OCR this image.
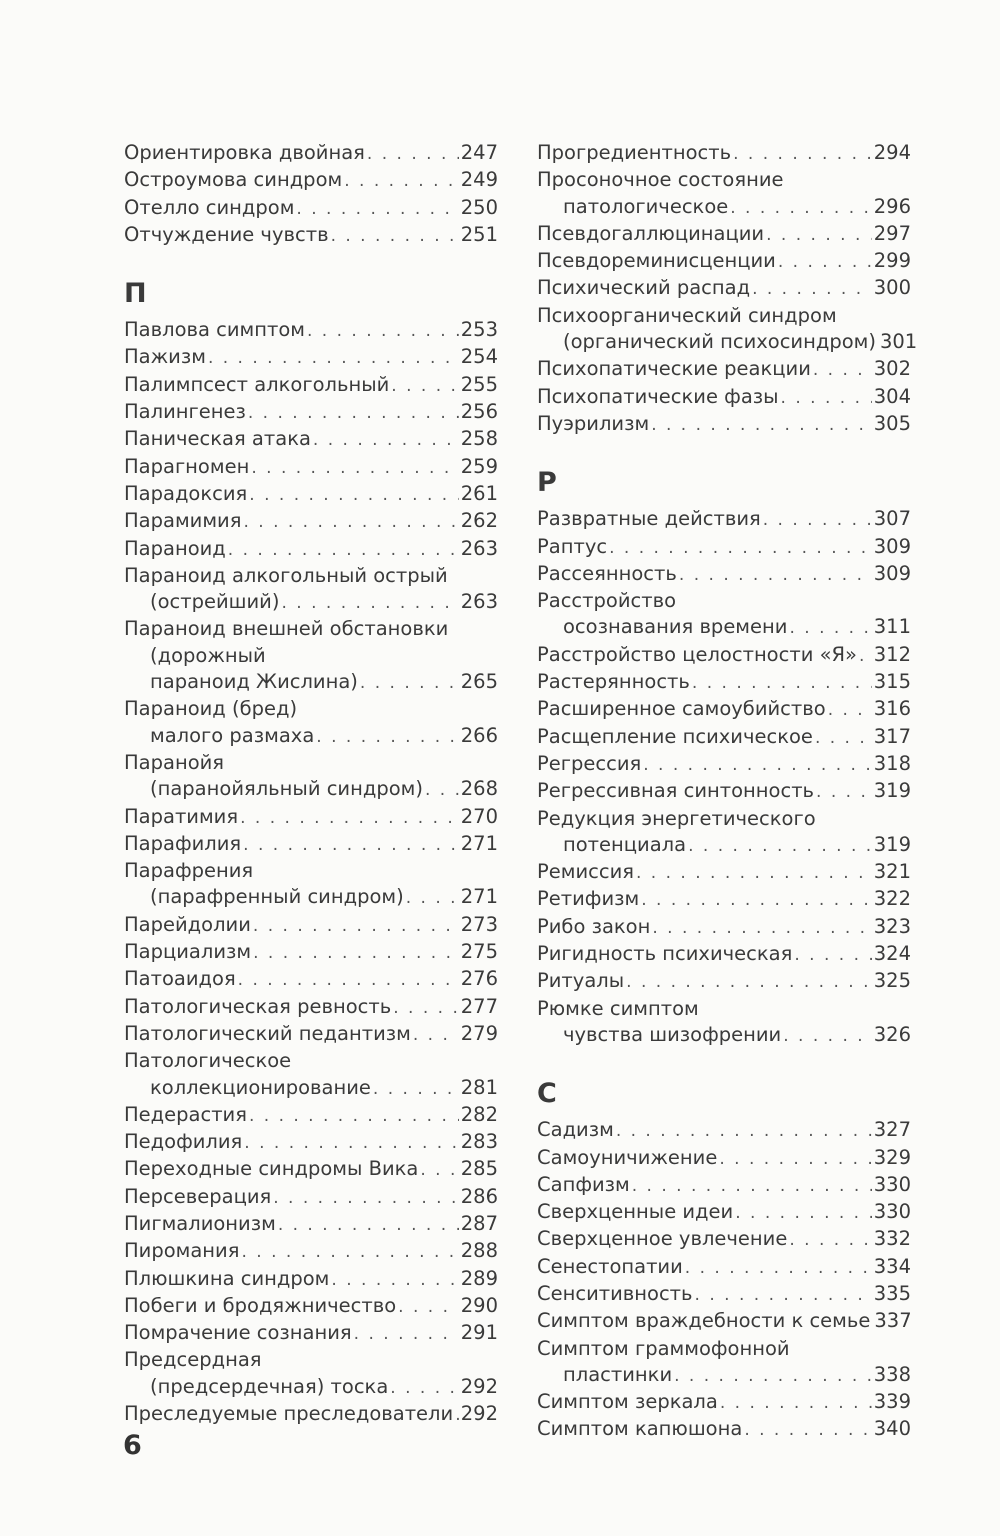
Ориентировка двойная . . .	247
Остроумова синдром . . .	249
Отелло синдром . . .	250
Отчуждение чувств . . .	251
П
Павлова симптом . . .	253
Пажизм . . .	254
Палимпсест алкогольный . . .	255
Палингенез . . .	256
Паническая атака . . .	258
Парагномен . . .	259
Парадоксия . . .	261
Парамимия . . .	262
Параноид . . .	263
Параноид алкогольный острый
(острейший) . . .	263
Параноид внешней обстановки
(дорожный
параноид Жислина) . . .	265
Параноид (бред)
малого размаха . . .	266
Паранойя
(паранойяльный синдром) . . . 268
Паратимия . . .	270
Парафилия . . .	271
Парафрения
(парафренный синдром) . . .	271
Парейдолии . . .	273
Парциализм . . .	275
Патоаидоя . . .	276
Патологическая ревность . . .	277
Патологический педантизм . . .	279
Патологическое
коллекционирование . . .	281
Педерастия . . .	282
Педофилия . . .	283
Переходные синдромы Вика . . . 285
Персеверация . . .	286
Пигмалионизм . . .	287
Пиромания . . .	288
Плюшкина синдром . . .	289
Побеги и бродяжничество . . .	290
Помрачение сознания . . .	291
Предсердная
(предсердечная) тоска . . .	292
Преследуемые преследователи . . . 292
Прогредиентность . . .	294
Просоночное состояние
патологическое . . .	296
Псевдогаллюцинации . . .	297
Псевдореминисценции . . .	299
Психический распад . . .	300
Психоорганический синдром
(органический психосиндром) 301
Психопатические реакции . . .	302
Психопатические фазы . . .	304
Пуэрилизм . . .	305
Р
Развратные действия . . .	307
Раптус . . .	309
Рассеянность . . .	309
Расстройство
осознавания времени . . .	311
Расстройство целостности «Я» . . . 312
Растерянность . . .	315
Расширенное самоубийство . . . 316
Расщепление психическое . . .	317
Регрессия . . .	318
Регрессивная синтонность . . .	319
Редукция энергетического
потенциала . . .	319
Ремиссия . . .	321
Ретифизм . . .	322
Рибо закон . . .	323
Ригидность психическая . . .	324
Ритуалы . . .	325
Рюмке симптом
чувства шизофрении . . .	326
С
Садизм . . .	327
Самоуничижение . . .	329
Сапфизм . . .	330
Сверхценные идеи . . .	330
Сверхценное увлечение . . .	332
Сенестопатии . . .	334
Сенситивность . . .	335
Симптом враждебности к семье 337
Симптом граммофонной
пластинки . . .	338
Симптом зеркала . . .	339
Симптом капюшона . . .	340
6
